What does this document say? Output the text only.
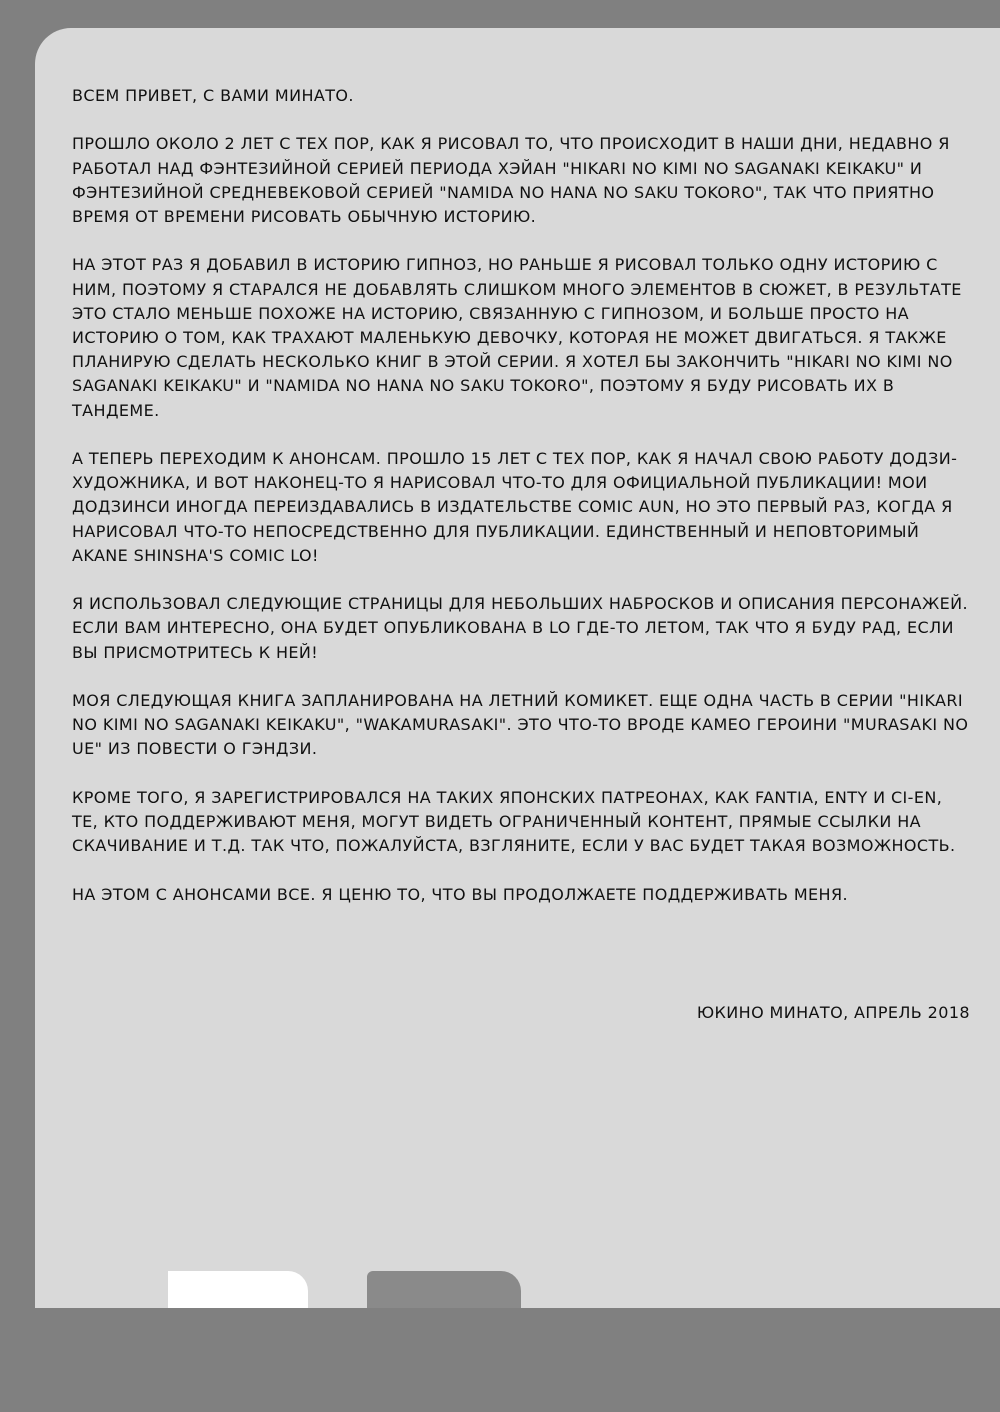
ВСЕМ ПРИВЕТ, С ВАМИ МИНАТО.

ПРОШЛО ОКОЛО 2 ЛЕТ С ТЕХ ПОР, КАК Я РИСОВАЛ ТО, ЧТО ПРОИСХОДИТ В НАШИ ДНИ, НЕДАВНО Я РАБОТАЛ НАД ФЭНТЕЗИЙНОЙ СЕРИЕЙ ПЕРИОДА ХЭЙАН "HIKARI NO KIMI NO SAGANAKI KEIKAKU" И ФЭНТЕЗИЙНОЙ СРЕДНЕВЕКОВОЙ СЕРИЕЙ "NAMIDA NO HANA NO SAKU TOKORO", ТАК ЧТО ПРИЯТНО ВРЕМЯ ОТ ВРЕМЕНИ РИСОВАТЬ ОБЫЧНУЮ ИСТОРИЮ.

НА ЭТОТ РАЗ Я ДОБАВИЛ В ИСТОРИЮ ГИПНОЗ, НО РАНЬШЕ Я РИСОВАЛ ТОЛЬКО ОДНУ ИСТОРИЮ С НИМ, ПОЭТОМУ Я СТАРАЛСЯ НЕ ДОБАВЛЯТЬ СЛИШКОМ МНОГО ЭЛЕМЕНТОВ В СЮЖЕТ, В РЕЗУЛЬТАТЕ ЭТО СТАЛО МЕНЬШЕ ПОХОЖЕ НА ИСТОРИЮ, СВЯЗАННУЮ С ГИПНОЗОМ, И БОЛЬШЕ ПРОСТО НА ИСТОРИЮ О ТОМ, КАК ТРАХАЮТ МАЛЕНЬКУЮ ДЕВОЧКУ, КОТОРАЯ НЕ МОЖЕТ ДВИГАТЬСЯ. Я ТАКЖЕ ПЛАНИРУЮ СДЕЛАТЬ НЕСКОЛЬКО КНИГ В ЭТОЙ СЕРИИ. Я ХОТЕЛ БЫ ЗАКОНЧИТЬ "HIKARI NO KIMI NO SAGANAKI KEIKAKU" И "NAMIDA NO HANA NO SAKU TOKORO", ПОЭТОМУ Я БУДУ РИСОВАТЬ ИХ В ТАНДЕМЕ.

А ТЕПЕРЬ ПЕРЕХОДИМ К АНОНСАМ. ПРОШЛО 15 ЛЕТ С ТЕХ ПОР, КАК Я НАЧАЛ СВОЮ РАБОТУ ДОДЗИ-ХУДОЖНИКА, И ВОТ НАКОНЕЦ-ТО Я НАРИСОВАЛ ЧТО-ТО ДЛЯ ОФИЦИАЛЬНОЙ ПУБЛИКАЦИИ! МОИ ДОДЗИНСИ ИНОГДА ПЕРЕИЗДАВАЛИСЬ В ИЗДАТЕЛЬСТВЕ COMIC AUN, НО ЭТО ПЕРВЫЙ РАЗ, КОГДА Я НАРИСОВАЛ ЧТО-ТО НЕПОСРЕДСТВЕННО ДЛЯ ПУБЛИКАЦИИ. ЕДИНСТВЕННЫЙ И НЕПОВТОРИМЫЙ AKANE SHINSHA'S COMIC LO!

Я ИСПОЛЬЗОВАЛ СЛЕДУЮЩИЕ СТРАНИЦЫ ДЛЯ НЕБОЛЬШИХ НАБРОСКОВ И ОПИСАНИЯ ПЕРСОНАЖЕЙ. ЕСЛИ ВАМ ИНТЕРЕСНО, ОНА БУДЕТ ОПУБЛИКОВАНА В LO ГДЕ-ТО ЛЕТОМ, ТАК ЧТО Я БУДУ РАД, ЕСЛИ ВЫ ПРИСМОТРИТЕСЬ К НЕЙ!

МОЯ СЛЕДУЮЩАЯ КНИГА ЗАПЛАНИРОВАНА НА ЛЕТНИЙ КОМИКЕТ. ЕЩЕ ОДНА ЧАСТЬ В СЕРИИ "HIKARI NO KIMI NO SAGANAKI KEIKAKU", "WAKAMURASAKI". ЭТО ЧТО-ТО ВРОДЕ КАМЕО ГЕРОИНИ "MURASAKI NO UE" ИЗ ПОВЕСТИ О ГЭНДЗИ.

КРОМЕ ТОГО, Я ЗАРЕГИСТРИРОВАЛСЯ НА ТАКИХ ЯПОНСКИХ ПАТРЕОНАХ, КАК FANTIA, ENTY И CI-EN, ТЕ, КТО ПОДДЕРЖИВАЮТ МЕНЯ, МОГУТ ВИДЕТЬ ОГРАНИЧЕННЫЙ КОНТЕНТ, ПРЯМЫЕ ССЫЛКИ НА СКАЧИВАНИЕ И Т.Д. ТАК ЧТО, ПОЖАЛУЙСТА, ВЗГЛЯНИТЕ, ЕСЛИ У ВАС БУДЕТ ТАКАЯ ВОЗМОЖНОСТЬ.

НА ЭТОМ С АНОНСАМИ ВСЕ. Я ЦЕНЮ ТО, ЧТО ВЫ ПРОДОЛЖАЕТЕ ПОДДЕРЖИВАТЬ МЕНЯ.

ЮКИНО МИНАТО, АПРЕЛЬ 2018
